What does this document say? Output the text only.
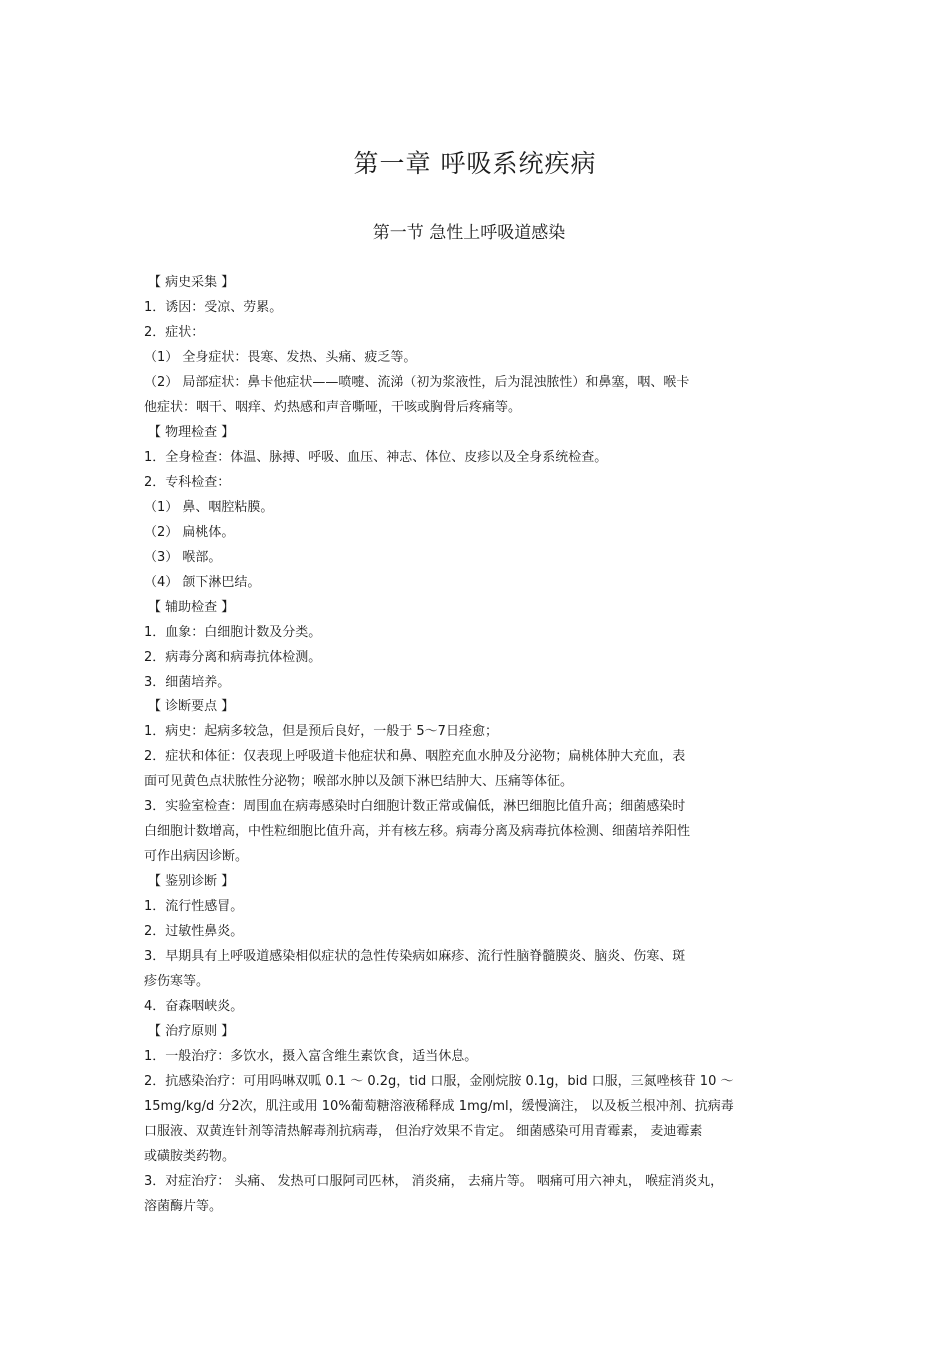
第一章 呼吸系统疾病
第一节 急性上呼吸道感染
【 病史采集 】
1．诱因：受凉、劳累。
2．症状：
（1） 全身症状：畏寒、发热、头痛、疲乏等。
（2） 局部症状：鼻卡他症状——喷嚏、流涕（初为浆液性，后为混浊脓性）和鼻塞，咽、喉卡
他症状：咽干、咽痒、灼热感和声音嘶哑，干咳或胸骨后疼痛等。
【 物理检查 】
1．全身检查：体温、脉搏、呼吸、血压、神志、体位、皮疹以及全身系统检查。
2．专科检查：
（1） 鼻、咽腔粘膜。
（2） 扁桃体。
（3） 喉部。
（4） 颌下淋巴结。
【 辅助检查 】
1．血象：白细胞计数及分类。
2．病毒分离和病毒抗体检测。
3．细菌培养。
【 诊断要点 】
1．病史：起病多较急，但是预后良好，一般于 5～7日痊愈；
2．症状和体征：仅表现上呼吸道卡他症状和鼻、咽腔充血水肿及分泌物；扁桃体肿大充血，表
面可见黄色点状脓性分泌物；喉部水肿以及颌下淋巴结肿大、压痛等体征。
3．实验室检查：周围血在病毒感染时白细胞计数正常或偏低，淋巴细胞比值升高；细菌感染时
白细胞计数增高，中性粒细胞比值升高，并有核左移。病毒分离及病毒抗体检测、细菌培养阳性
可作出病因诊断。
【 鉴别诊断 】
1．流行性感冒。
2．过敏性鼻炎。
3．早期具有上呼吸道感染相似症状的急性传染病如麻疹、流行性脑脊髓膜炎、脑炎、伤寒、斑
疹伤寒等。
4．奋森咽峡炎。
【 治疗原则 】
1．一般治疗：多饮水，摄入富含维生素饮食，适当休息。
2．抗感染治疗：可用吗啉双呱 0.1 ～ 0.2g，tid 口服，金刚烷胺 0.1g，bid 口服，三氮唑核苷 10 ～
15mg/kg/d 分2次，肌注或用 10%葡萄糖溶液稀释成 1mg/ml，缓慢滴注， 以及板兰根冲剂、抗病毒
口服液、双黄连针剂等清热解毒剂抗病毒， 但治疗效果不肯定。 细菌感染可用青霉素， 麦迪霉素
或磺胺类药物。
3．对症治疗： 头痛、 发热可口服阿司匹林， 消炎痛， 去痛片等。 咽痛可用六神丸， 喉症消炎丸，
溶菌酶片等。
